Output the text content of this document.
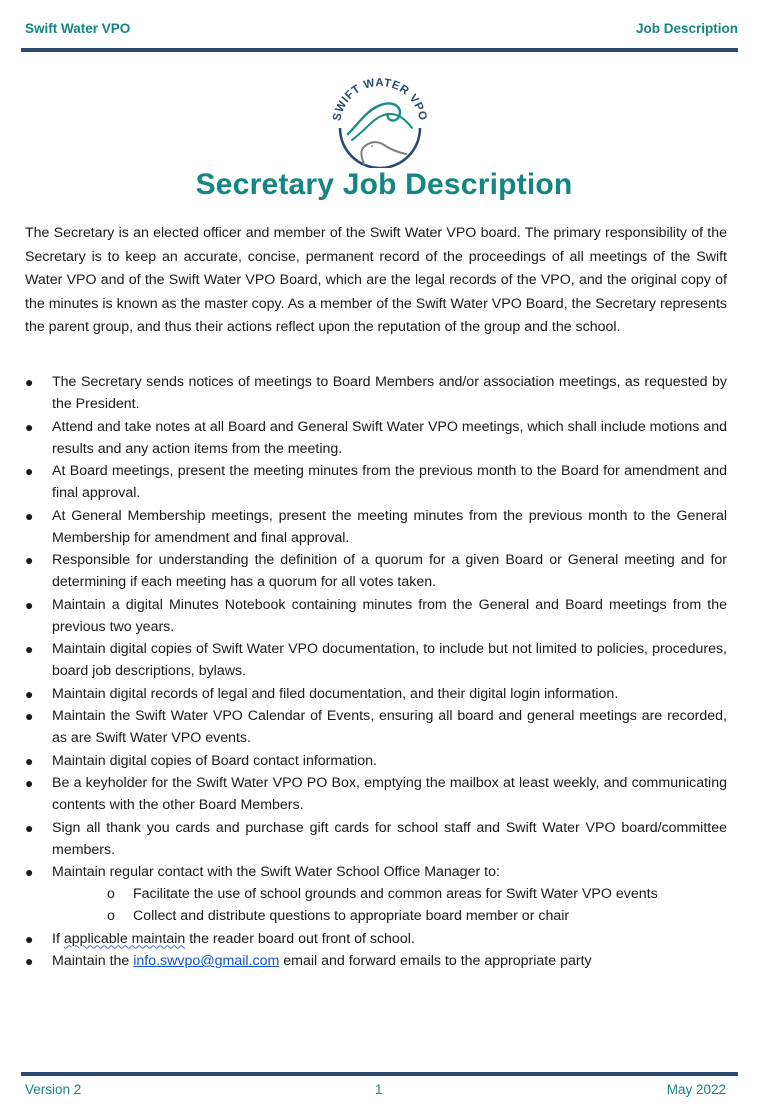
Swift Water VPO	Job Description
SWIFT WATER VPO
Secretary Job Description

The Secretary is an elected officer and member of the Swift Water VPO board. The primary responsibility of the Secretary is to keep an accurate, concise, permanent record of the proceedings of all meetings of the Swift Water VPO and of the Swift Water VPO Board, which are the legal records of the VPO, and the original copy of the minutes is known as the master copy. As a member of the Swift Water VPO Board, the Secretary represents the parent group, and thus their actions reflect upon the reputation of the group and the school.

●	The Secretary sends notices of meetings to Board Members and/or association meetings, as requested by the President.
●	Attend and take notes at all Board and General Swift Water VPO meetings, which shall include motions and results and any action items from the meeting.
●	At Board meetings, present the meeting minutes from the previous month to the Board for amendment and final approval.
●	At General Membership meetings, present the meeting minutes from the previous month to the General Membership for amendment and final approval.
●	Responsible for understanding the definition of a quorum for a given Board or General meeting and for determining if each meeting has a quorum for all votes taken.
●	Maintain a digital Minutes Notebook containing minutes from the General and Board meetings from the previous two years.
●	Maintain digital copies of Swift Water VPO documentation, to include but not limited to policies, procedures, board job descriptions, bylaws.
●	Maintain digital records of legal and filed documentation, and their digital login information.
●	Maintain the Swift Water VPO Calendar of Events, ensuring all board and general meetings are recorded, as are Swift Water VPO events.
●	Maintain digital copies of Board contact information.
●	Be a keyholder for the Swift Water VPO PO Box, emptying the mailbox at least weekly, and communicating contents with the other Board Members.
●	Sign all thank you cards and purchase gift cards for school staff and Swift Water VPO board/committee members.
●	Maintain regular contact with the Swift Water School Office Manager to:
o Facilitate the use of school grounds and common areas for Swift Water VPO events
o Collect and distribute questions to appropriate board member or chair
●	If applicable maintain the reader board out front of school.
●	Maintain the info.swvpo@gmail.com email and forward emails to the appropriate party
Version 2	1	May 2022
